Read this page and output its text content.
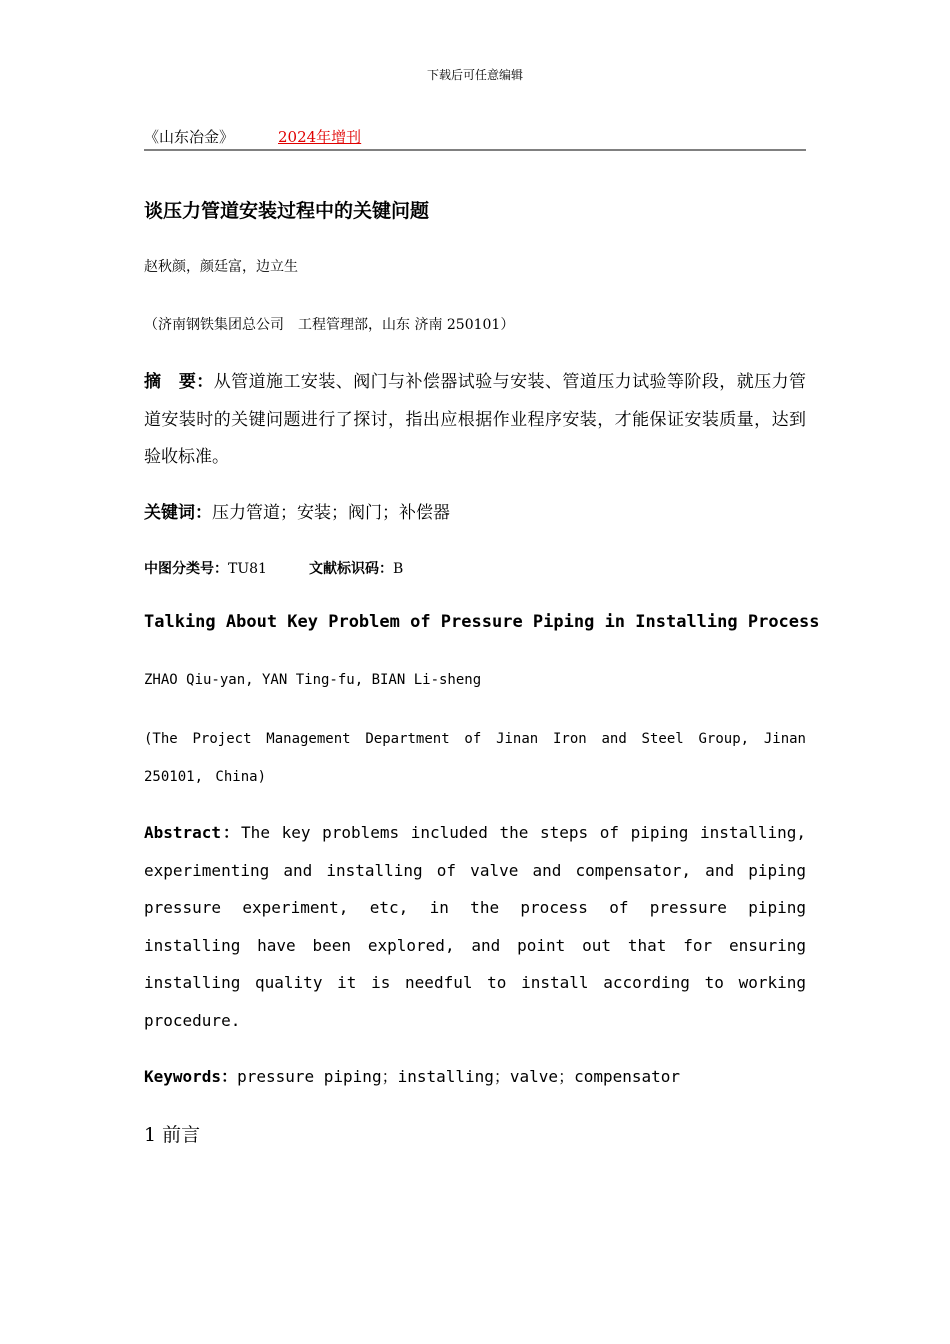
下载后可任意编辑
《山东冶金》	2024年增刊
谈压力管道安装过程中的关键问题
赵秋颜，颜廷富，边立生
（济南钢铁集团总公司　工程管理部，山东 济南 250101）
摘　要：从管道施工安装、阀门与补偿器试验与安装、管道压力试验等阶段，就压力管道安装时的关键问题进行了探讨，指出应根据作业程序安装，才能保证安装质量，达到验收标准。
关键词：压力管道；安装；阀门；补偿器
中图分类号：TU81	文献标识码：B
Talking About Key Problem of Pressure Piping in Installing Process
ZHAO Qiu-yan, YAN Ting-fu, BIAN Li-sheng
(The Project Management Department of Jinan Iron and Steel Group, Jinan 250101, China)
Abstract：The key problems included the steps of piping installing, experimenting and installing of valve and compensator, and piping pressure experiment, etc, in the process of pressure piping installing have been explored, and point out that for ensuring installing quality it is needful to install according to working procedure.
Keywords：pressure piping；installing；valve；compensator
1 前言
